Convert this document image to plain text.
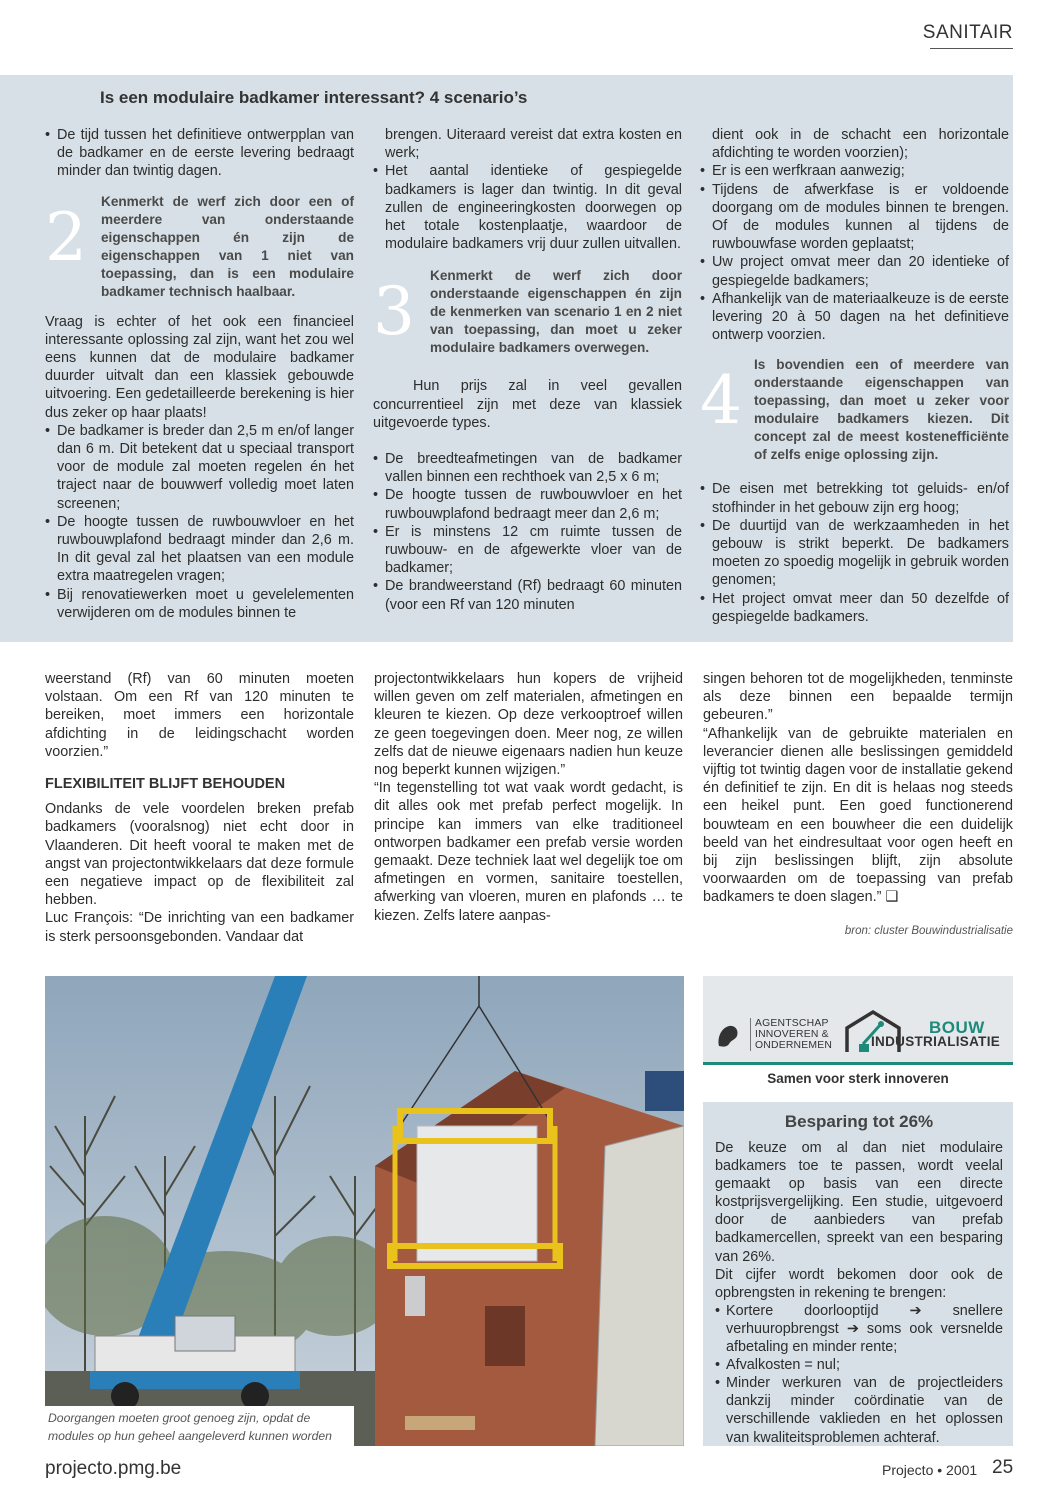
SANITAIR
Is een modulaire badkamer interessant? 4 scenario’s

• De tijd tussen het definitieve ontwerpplan van de badkamer en de eerste levering bedraagt minder dan twintig dagen.

2 Kenmerkt de werf zich door een of meerdere van onderstaande eigenschappen én zijn de eigenschappen van 1 niet van toepassing, dan is een modulaire badkamer technisch haalbaar.

Vraag is echter of het ook een financieel interessante oplossing zal zijn, want het zou wel eens kunnen dat de modulaire badkamer duurder uitvalt dan een klassiek gebouwde uitvoering. Een gedetailleerde berekening is hier dus zeker op haar plaats!

• De badkamer is breder dan 2,5 m en/of langer dan 6 m. Dit betekent dat u speciaal transport voor de module zal moeten regelen én het traject naar de bouwwerf volledig moet laten screenen;

• De hoogte tussen de ruwbouwvloer en het ruwbouwplafond bedraagt minder dan 2,6 m. In dit geval zal het plaatsen van een module extra maatregelen vragen;

• Bij renovatiewerken moet u gevelelementen verwijderen om de modules binnen te

brengen. Uiteraard vereist dat extra kosten en werk;

• Het aantal identieke of gespiegelde badkamers is lager dan twintig. In dit geval zullen de engineeringkosten doorwegen op het totale kostenplaatje, waardoor de modulaire badkamers vrij duur zullen uitvallen.

3 Kenmerkt de werf zich door onderstaande eigenschappen én zijn de kenmerken van scenario 1 en 2 niet van toepassing, dan moet u zeker modulaire badkamers overwegen.

Hun prijs zal in veel gevallen concurrentieel zijn met deze van klassiek uitgevoerde types.

• De breedteafmetingen van de badkamer vallen binnen een rechthoek van 2,5 x 6 m;

• De hoogte tussen de ruwbouwvloer en het ruwbouwplafond bedraagt meer dan 2,6 m;

• Er is minstens 12 cm ruimte tussen de ruwbouw- en de afgewerkte vloer van de badkamer;

• De brandweerstand (Rf) bedraagt 60 minuten (voor een Rf van 120 minuten

dient ook in de schacht een horizontale afdichting te worden voorzien);

• Er is een werfkraan aanwezig;

• Tijdens de afwerkfase is er voldoende doorgang om de modules binnen te brengen. Of de modules kunnen al tijdens de ruwbouwfase worden geplaatst;

• Uw project omvat meer dan 20 identieke of gespiegelde badkamers;

• Afhankelijk van de materiaalkeuze is de eerste levering 20 à 50 dagen na het definitieve ontwerp voorzien.

4 Is bovendien een of meerdere van onderstaande eigenschappen van toepassing, dan moet u zeker voor modulaire badkamers kiezen. Dit concept zal de meest kostenefficiënte of zelfs enige oplossing zijn.

• De eisen met betrekking tot geluids- en/of stofhinder in het gebouw zijn erg hoog;

• De duurtijd van de werkzaamheden in het gebouw is strikt beperkt. De badkamers moeten zo spoedig mogelijk in gebruik worden genomen;

• Het project omvat meer dan 50 dezelfde of gespiegelde badkamers.

weerstand (Rf) van 60 minuten moeten volstaan. Om een Rf van 120 minuten te bereiken, moet immers een horizontale afdichting in de leidingschacht worden voorzien.”

FLEXIBILITEIT BLIJFT BEHOUDEN

Ondanks de vele voordelen breken prefab badkamers (vooralsnog) niet echt door in Vlaanderen. Dit heeft vooral te maken met de angst van projectontwikkelaars dat deze formule een negatieve impact op de flexibiliteit zal hebben.

Luc François: “De inrichting van een badkamer is sterk persoonsgebonden. Vandaar dat

projectontwikkelaars hun kopers de vrijheid willen geven om zelf materialen, afmetingen en kleuren te kiezen. Op deze verkooptroef willen ze geen toegevingen doen. Meer nog, ze willen zelfs dat de nieuwe eigenaars nadien hun keuze nog beperkt kunnen wijzigen.”

“In tegenstelling tot wat vaak wordt gedacht, is dit alles ook met prefab perfect mogelijk. In principe kan immers van elke traditioneel ontworpen badkamer een prefab versie worden gemaakt. Deze techniek laat wel degelijk toe om afmetingen en vormen, sanitaire toestellen, afwerking van vloeren, muren en plafonds … te kiezen. Zelfs latere aanpas-

singen behoren tot de mogelijkheden, tenminste als deze binnen een bepaalde termijn gebeuren.”

“Afhankelijk van de gebruikte materialen en leverancier dienen alle beslissingen gemiddeld vijftig tot twintig dagen voor de installatie gekend én definitief te zijn. En dit is helaas nog steeds een heikel punt. Een goed functionerend bouwteam en een bouwheer die een duidelijk beeld van het eindresultaat voor ogen heeft en bij zijn beslissingen blijft, zijn absolute voorwaarden om de toepassing van prefab badkamers te doen slagen.” ❑

bron: cluster Bouwindustrialisatie
Doorgangen moeten groot genoeg zijn, opdat de modules op hun geheel aangeleverd kunnen worden
AGENTSCHAP INNOVEREN & ONDERNEMEN
BOUW
INDUSTRIALISATIE
Samen voor sterk innoveren
Besparing tot 26%

De keuze om al dan niet modulaire badkamers toe te passen, wordt veelal gemaakt op basis van een directe kostprijsvergelijking. Een studie, uitgevoerd door de aanbieders van prefab badkamercellen, spreekt van een besparing van 26%.

Dit cijfer wordt bekomen door ook de opbrengsten in rekening te brengen:

• Kortere doorlooptijd ➔ snellere verhuuropbrengst ➔ soms ook versnelde afbetaling en minder rente;

• Afvalkosten = nul;

• Minder werkuren van de projectleiders dankzij minder coördinatie van de verschillende vaklieden en het oplossen van kwaliteitsproblemen achteraf.

projecto.pmg.be	Projecto • 2001 25
